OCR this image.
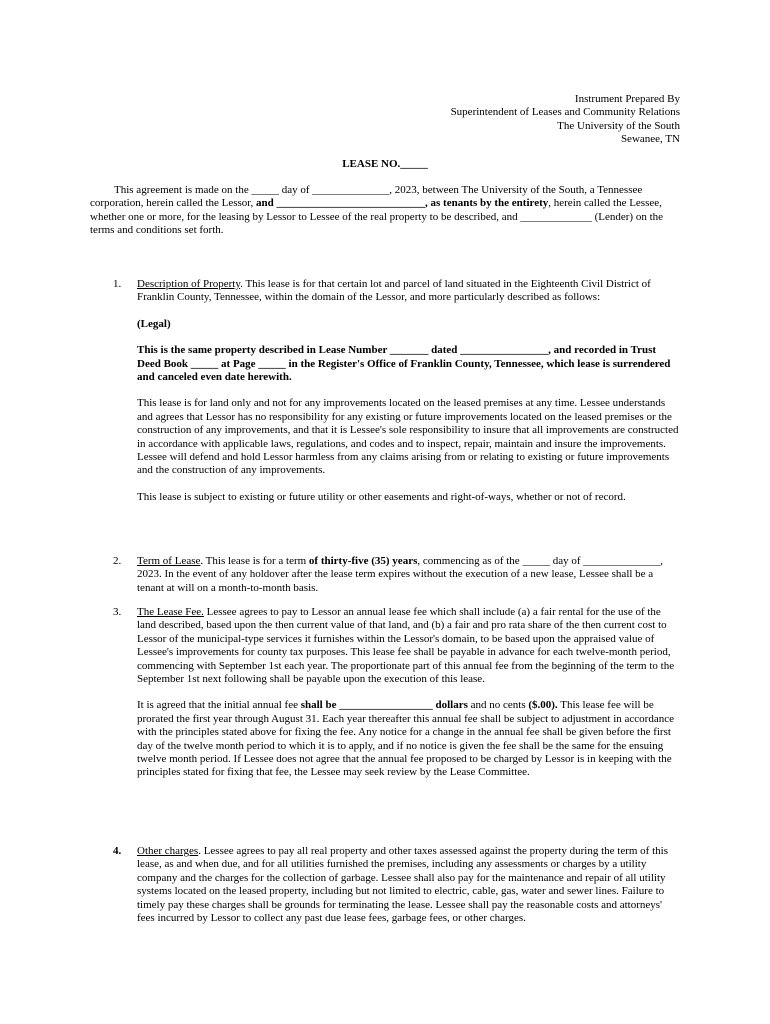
Instrument Prepared By
Superintendent of Leases and Community Relations
The University of the South
Sewanee, TN
LEASE NO._____

This agreement is made on the _____ day of ______________, 2023, between The University of the South, a Tennessee corporation, herein called the Lessor, and ___________________________, as tenants by the entirety, herein called the Lessee, whether one or more, for the leasing by Lessor to Lessee of the real property to be described, and _____________ (Lender) on the terms and conditions set forth.

1. Description of Property. This lease is for that certain lot and parcel of land situated in the Eighteenth Civil District of Franklin County, Tennessee, within the domain of the Lessor, and more particularly described as follows:

(Legal)

This is the same property described in Lease Number _______ dated ________________, and recorded in Trust Deed Book _____ at Page _____ in the Register's Office of Franklin County, Tennessee, which lease is surrendered and canceled even date herewith.

This lease is for land only and not for any improvements located on the leased premises at any time. Lessee understands and agrees that Lessor has no responsibility for any existing or future improvements located on the leased premises or the construction of any improvements, and that it is Lessee's sole responsibility to insure that all improvements are constructed in accordance with applicable laws, regulations, and codes and to inspect, repair, maintain and insure the improvements. Lessee will defend and hold Lessor harmless from any claims arising from or relating to existing or future improvements and the construction of any improvements.

This lease is subject to existing or future utility or other easements and right-of-ways, whether or not of record.

2. Term of Lease. This lease is for a term of thirty-five (35) years, commencing as of the _____ day of ______________, 2023. In the event of any holdover after the lease term expires without the execution of a new lease, Lessee shall be a tenant at will on a month-to-month basis.

3. The Lease Fee. Lessee agrees to pay to Lessor an annual lease fee which shall include (a) a fair rental for the use of the land described, based upon the then current value of that land, and (b) a fair and pro rata share of the then current cost to Lessor of the municipal-type services it furnishes within the Lessor's domain, to be based upon the appraised value of Lessee's improvements for county tax purposes. This lease fee shall be payable in advance for each twelve-month period, commencing with September 1st each year. The proportionate part of this annual fee from the beginning of the term to the September 1st next following shall be payable upon the execution of this lease.

It is agreed that the initial annual fee shall be _________________ dollars and no cents ($.00). This lease fee will be prorated the first year through August 31. Each year thereafter this annual fee shall be subject to adjustment in accordance with the principles stated above for fixing the fee. Any notice for a change in the annual fee shall be given before the first day of the twelve month period to which it is to apply, and if no notice is given the fee shall be the same for the ensuing twelve month period. If Lessee does not agree that the annual fee proposed to be charged by Lessor is in keeping with the principles stated for fixing that fee, the Lessee may seek review by the Lease Committee.

4. Other charges. Lessee agrees to pay all real property and other taxes assessed against the property during the term of this lease, as and when due, and for all utilities furnished the premises, including any assessments or charges by a utility company and the charges for the collection of garbage. Lessee shall also pay for the maintenance and repair of all utility systems located on the leased property, including but not limited to electric, cable, gas, water and sewer lines. Failure to timely pay these charges shall be grounds for terminating the lease. Lessee shall pay the reasonable costs and attorneys' fees incurred by Lessor to collect any past due lease fees, garbage fees, or other charges.
